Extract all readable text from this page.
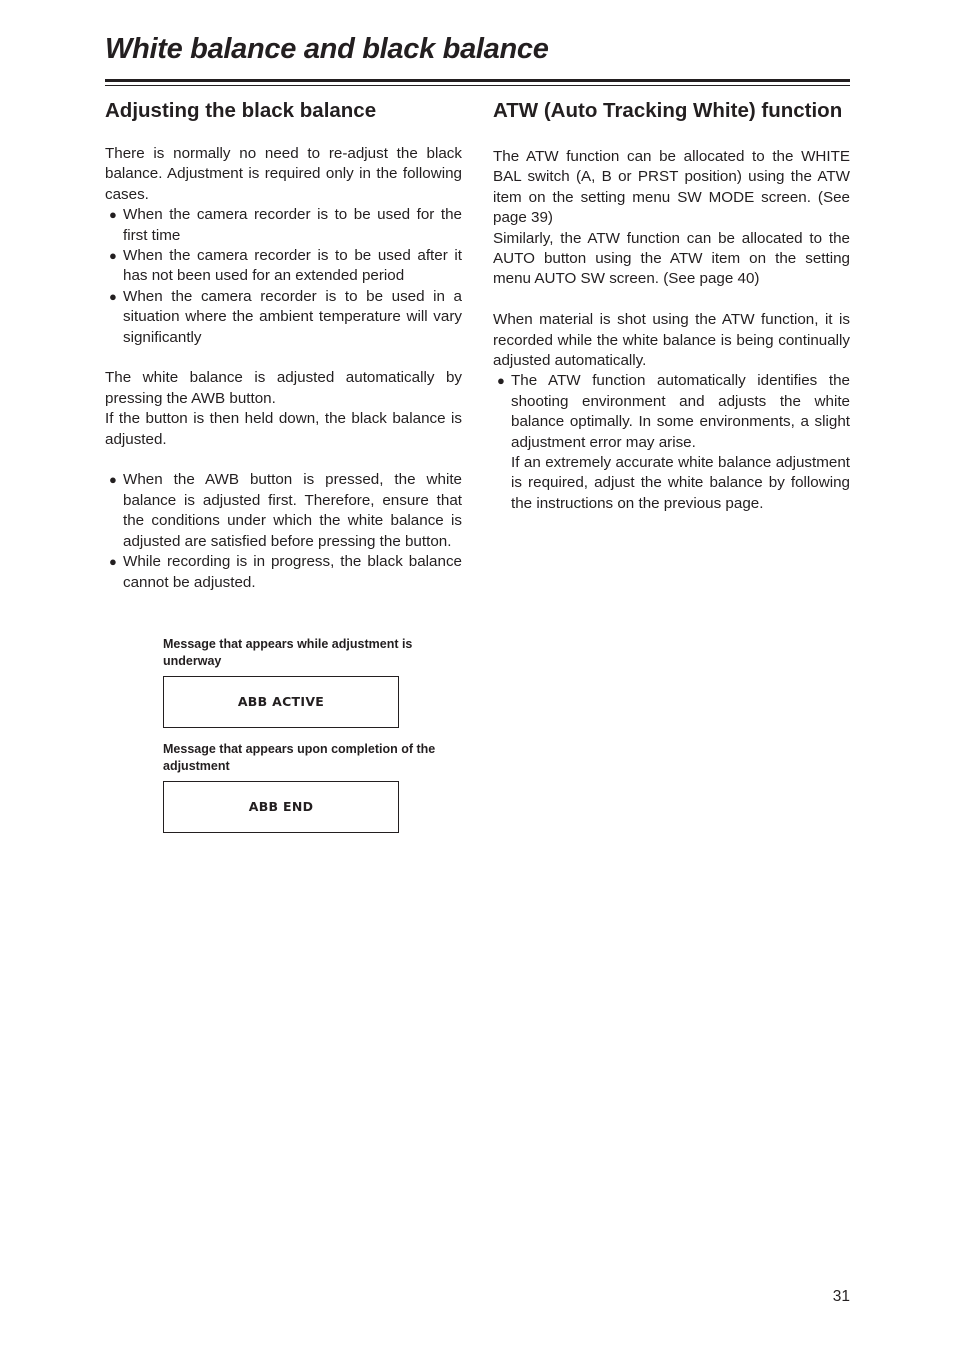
White balance and black balance
Adjusting the black balance

There is normally no need to re-adjust the black balance. Adjustment is required only in the following cases.

● When the camera recorder is to be used for the first time
● When the camera recorder is to be used after it has not been used for an extended period
● When the camera recorder is to be used in a situation where the ambient temperature will vary significantly

The white balance is adjusted automatically by pressing the AWB button.

If the button is then held down, the black balance is adjusted.

● When the AWB button is pressed, the white balance is adjusted first. Therefore, ensure that the conditions under which the white balance is adjusted are satisfied before pressing the button.
● While recording is in progress, the black balance cannot be adjusted.

Message that appears while adjustment is underway

ABB ACTIVE

Message that appears upon completion of the adjustment

ABB END
ATW (Auto Tracking White) function

The ATW function can be allocated to the WHITE BAL switch (A, B or PRST position) using the ATW item on the setting menu SW MODE screen. (See page 39)

Similarly, the ATW function can be allocated to the AUTO button using the ATW item on the setting menu AUTO SW screen. (See page 40)

When material is shot using the ATW function, it is recorded while the white balance is being continually adjusted automatically.

● The ATW function automatically identifies the shooting environment and adjusts the white balance optimally. In some environments, a slight adjustment error may arise.

If an extremely accurate white balance adjustment is required, adjust the white balance by following the instructions on the previous page.

31
